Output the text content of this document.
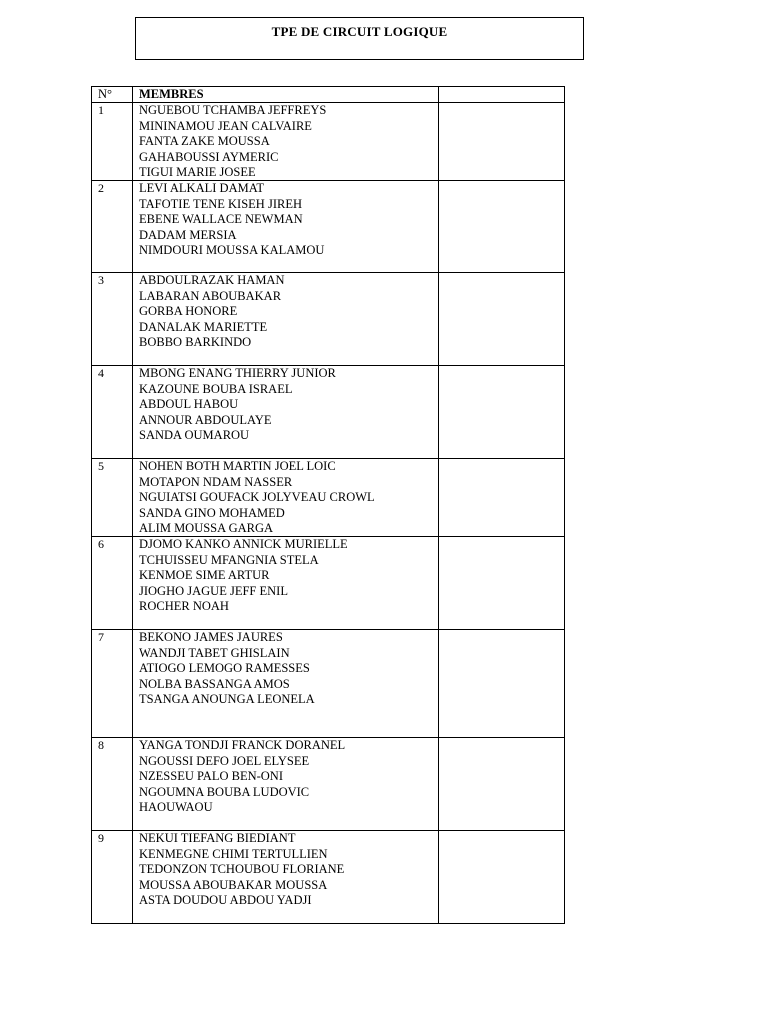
TPE DE CIRCUIT LOGIQUE
N°	MEMBRES	
1	NGUEBOU TCHAMBA JEFFREYS
MININAMOU JEAN CALVAIRE
FANTA ZAKE MOUSSA
GAHABOUSSI AYMERIC
TIGUI MARIE JOSEE	

2	LEVI ALKALI DAMAT
TAFOTIE TENE KISEH JIREH
EBENE WALLACE NEWMAN
DADAM MERSIA
NIMDOURI MOUSSA KALAMOU	

3	ABDOULRAZAK HAMAN
LABARAN ABOUBAKAR
GORBA HONORE
DANALAK MARIETTE
BOBBO BARKINDO	

4	MBONG ENANG THIERRY JUNIOR
KAZOUNE BOUBA ISRAEL
ABDOUL HABOU
ANNOUR ABDOULAYE
SANDA OUMAROU	

5	NOHEN BOTH MARTIN JOEL LOIC
MOTAPON NDAM NASSER
NGUIATSI GOUFACK JOLYVEAU CROWL
SANDA GINO MOHAMED
ALIM MOUSSA GARGA	

6	DJOMO KANKO ANNICK MURIELLE
TCHUISSEU MFANGNIA STELA
KENMOE SIME ARTUR
JIOGHO JAGUE JEFF ENIL
ROCHER NOAH	

7	BEKONO JAMES JAURES
WANDJI TABET GHISLAIN
ATIOGO LEMOGO RAMESSES
NOLBA BASSANGA AMOS
TSANGA ANOUNGA LEONELA	

8	YANGA TONDJI FRANCK DORANEL
NGOUSSI DEFO JOEL ELYSEE
NZESSEU PALO BEN-ONI
NGOUMNA BOUBA LUDOVIC
HAOUWAOU	

9	NEKUI TIEFANG BIEDIANT
KENMEGNE CHIMI TERTULLIEN
TEDONZON TCHOUBOU FLORIANE
MOUSSA ABOUBAKAR MOUSSA
ASTA DOUDOU ABDOU YADJI	
